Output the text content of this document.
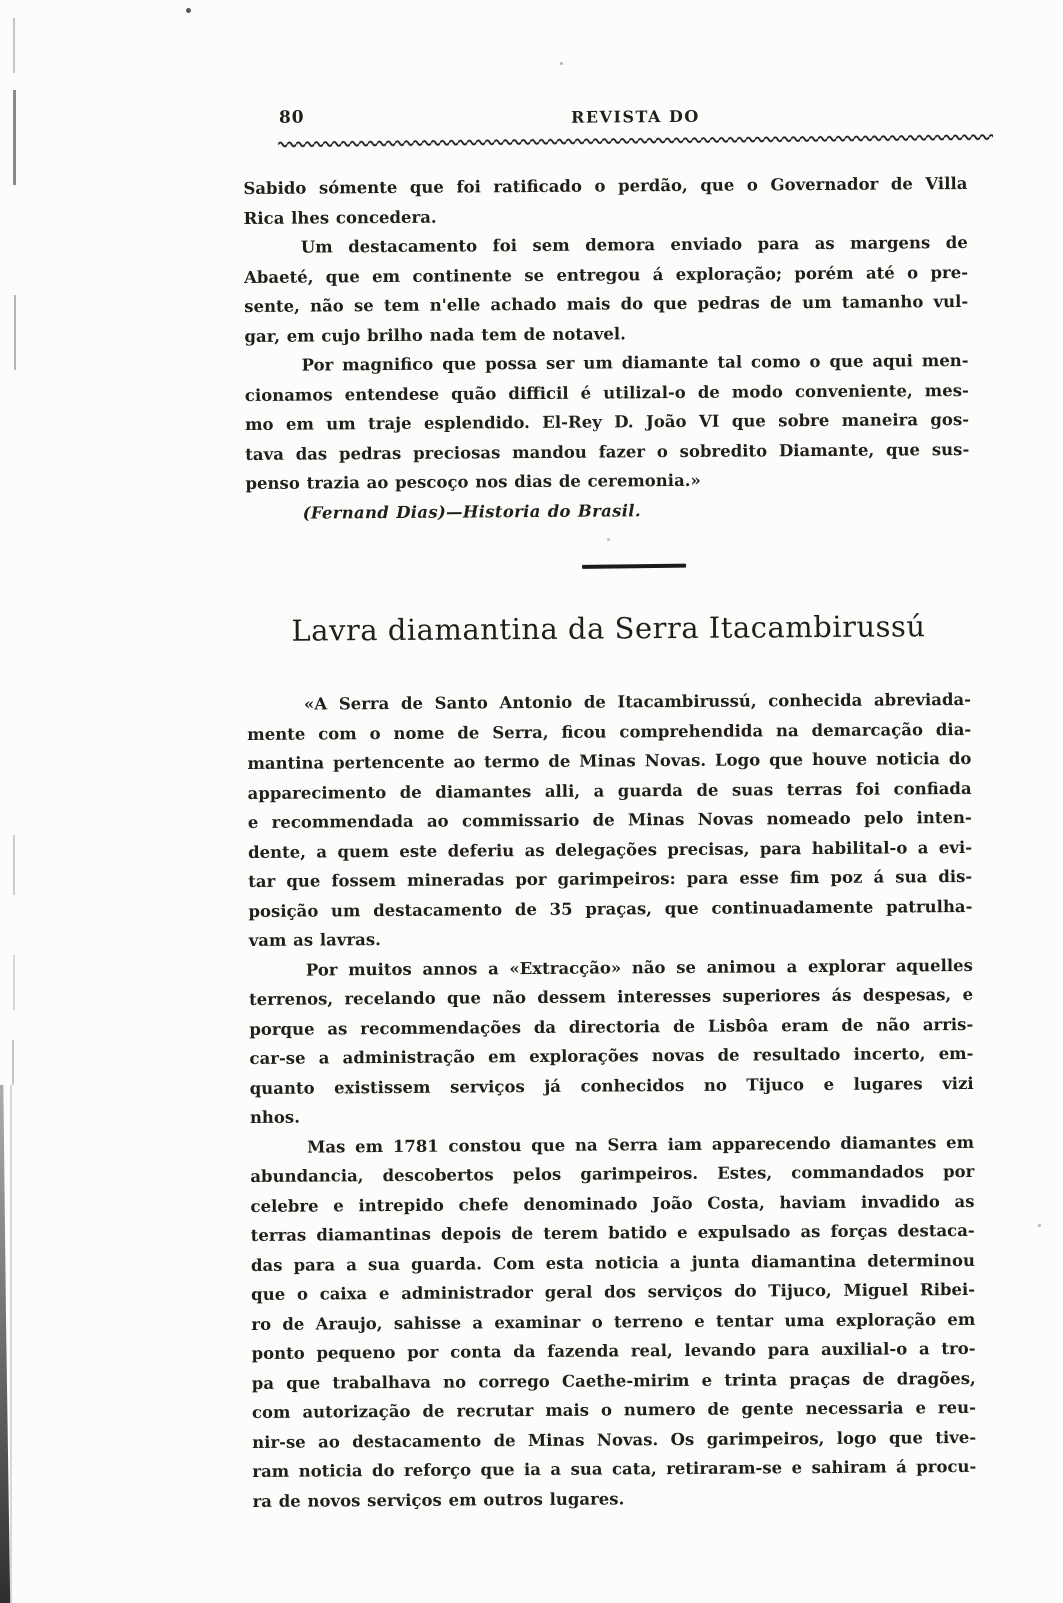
80	REVISTA DO
Sabido sómente que foi ratificado o perdão, que o Governador de Villa
Rica lhes concedera.
Um destacamento foi sem demora enviado para as margens de
Abaeté, que em continente se entregou á exploração; porém até o pre-
sente, não se tem n'elle achado mais do que pedras de um tamanho vul-
gar, em cujo brilho nada tem de notavel.
Por magnifico que possa ser um diamante tal como o que aqui men-
cionamos entendese quão difficil é utilizal-o de modo conveniente, mes-
mo em um traje esplendido. El-Rey D. João VI que sobre maneira gos-
tava das pedras preciosas mandou fazer o sobredito Diamante, que sus-
penso trazia ao pescoço nos dias de ceremonia.»
(Fernand Dias)—Historia do Brasil.
Lavra diamantina da Serra Itacambirussú
«A Serra de Santo Antonio de Itacambirussú, conhecida abreviada-
mente com o nome de Serra, ficou comprehendida na demarcação dia-
mantina pertencente ao termo de Minas Novas. Logo que houve noticia do
apparecimento de diamantes alli, a guarda de suas terras foi confiada
e recommendada ao commissario de Minas Novas nomeado pelo inten-
dente, a quem este deferiu as delegações precisas, para habilital-o a evi-
tar que fossem mineradas por garimpeiros: para esse fim poz á sua dis-
posição um destacamento de 35 praças, que continuadamente patrulha-
vam as lavras.
Por muitos annos a «Extracção» não se animou a explorar aquelles
terrenos, recelando que não dessem interesses superiores ás despesas, e
porque as recommendações da directoria de Lisbôa eram de não arris-
car-se a administração em explorações novas de resultado incerto, em-
quanto existissem serviços já conhecidos no Tijuco e lugares vizi
nhos.
Mas em 1781 constou que na Serra iam apparecendo diamantes em
abundancia, descobertos pelos garimpeiros. Estes, commandados por
celebre e intrepido chefe denominado João Costa, haviam invadido as
terras diamantinas depois de terem batido e expulsado as forças destaca-
das para a sua guarda. Com esta noticia a junta diamantina determinou
que o caixa e administrador geral dos serviços do Tijuco, Miguel Ribei-
ro de Araujo, sahisse a examinar o terreno e tentar uma exploração em
ponto pequeno por conta da fazenda real, levando para auxilial-o a tro-
pa que trabalhava no corrego Caethe-mirim e trinta praças de dragões,
com autorização de recrutar mais o numero de gente necessaria e reu-
nir-se ao destacamento de Minas Novas. Os garimpeiros, logo que tive-
ram noticia do reforço que ia a sua cata, retiraram-se e sahiram á procu-
ra de novos serviços em outros lugares.
